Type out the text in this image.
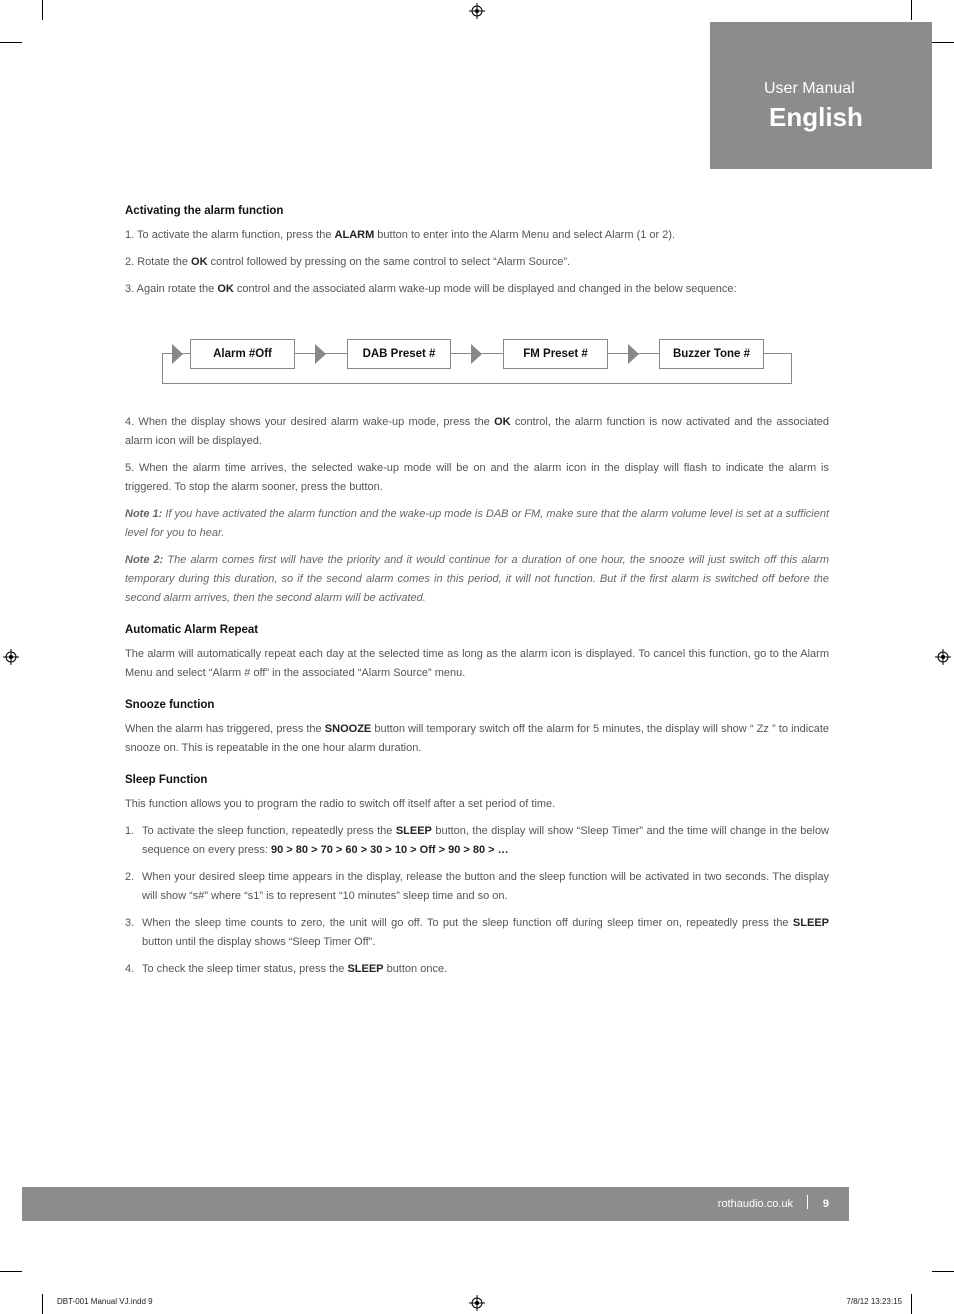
User Manual
English
Activating the alarm function

1. To activate the alarm function, press the ALARM button to enter into the Alarm Menu and select Alarm (1 or 2).

2. Rotate the OK control followed by pressing on the same control to select “Alarm Source”.

3. Again rotate the OK control and the associated alarm wake-up mode will be displayed and changed in the below sequence:

Alarm #Off	DAB Preset #	FM Preset #	Buzzer Tone #

4. When the display shows your desired alarm wake-up mode, press the OK control, the alarm function is now activated and the associated alarm icon will be displayed.

5. When the alarm time arrives, the selected wake-up mode will be on and the alarm icon in the display will flash to indicate the alarm is triggered. To stop the alarm sooner, press the button.

Note 1: If you have activated the alarm function and the wake-up mode is DAB or FM, make sure that the alarm volume level is set at a sufficient level for you to hear.

Note 2: The alarm comes first will have the priority and it would continue for a duration of one hour, the snooze will just switch off this alarm temporary during this duration, so if the second alarm comes in this period, it will not function. But if the first alarm is switched off before the second alarm arrives, then the second alarm will be activated.

Automatic Alarm Repeat

The alarm will automatically repeat each day at the selected time as long as the alarm icon is displayed. To cancel this function, go to the Alarm Menu and select “Alarm # off” in the associated “Alarm Source” menu.

Snooze function

When the alarm has triggered, press the SNOOZE button will temporary switch off the alarm for 5 minutes, the display will show “ Zz ” to indicate snooze on. This is repeatable in the one hour alarm duration.

Sleep Function

This function allows you to program the radio to switch off itself after a set period of time.

1. To activate the sleep function, repeatedly press the SLEEP button, the display will show “Sleep Timer” and the time will change in the below sequence on every press: 90 > 80 > 70 > 60 > 30 > 10 > Off > 90 > 80 > …
2. When your desired sleep time appears in the display, release the button and the sleep function will be activated in two seconds. The display will show “s#” where “s1” is to represent “10 minutes” sleep time and so on.
3. When the sleep time counts to zero, the unit will go off. To put the sleep function off during sleep timer on, repeatedly press the SLEEP button until the display shows “Sleep Timer Off”.
4. To check the sleep timer status, press the SLEEP button once.
rothaudio.co.uk	9
DBT-001 Manual VJ.indd 9	7/8/12 13:23:15
